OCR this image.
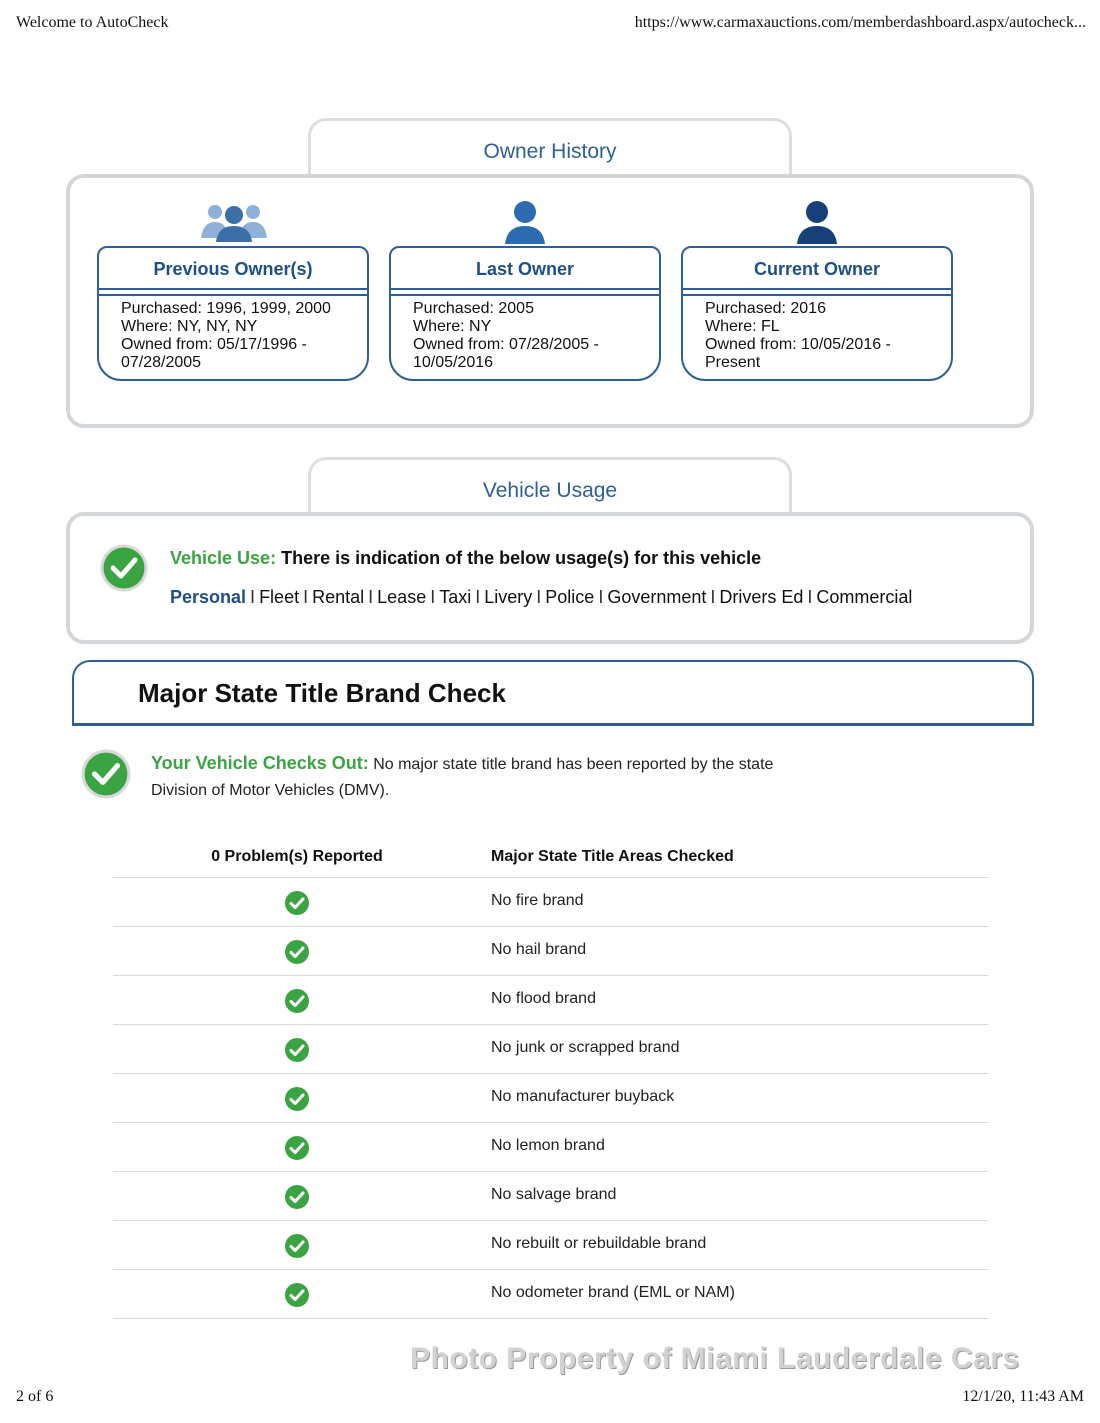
Welcome to AutoCheck	https://www.carmaxauctions.com/memberdashboard.aspx/autocheck...
Owner History
Previous Owner(s)
Purchased: 1996, 1999, 2000
Where: NY, NY, NY
Owned from: 05/17/1996 -
07/28/2005
Last Owner
Purchased: 2005
Where: NY
Owned from: 07/28/2005 -
10/05/2016
Current Owner
Purchased: 2016
Where: FL
Owned from: 10/05/2016 -
Present
Vehicle Usage
Vehicle Use: There is indication of the below usage(s) for this vehicle
Personal I Fleet I Rental I Lease I Taxi I Livery I Police I Government I Drivers Ed I Commercial
Major State Title Brand Check
Your Vehicle Checks Out: No major state title brand has been reported by the state
Division of Motor Vehicles (DMV).
0 Problem(s) Reported	Major State Title Areas Checked
No fire brand
No hail brand
No flood brand
No junk or scrapped brand
No manufacturer buyback
No lemon brand
No salvage brand
No rebuilt or rebuildable brand
No odometer brand (EML or NAM)
Photo Property of Miami Lauderdale Cars
2 of 6	12/1/20, 11:43 AM
